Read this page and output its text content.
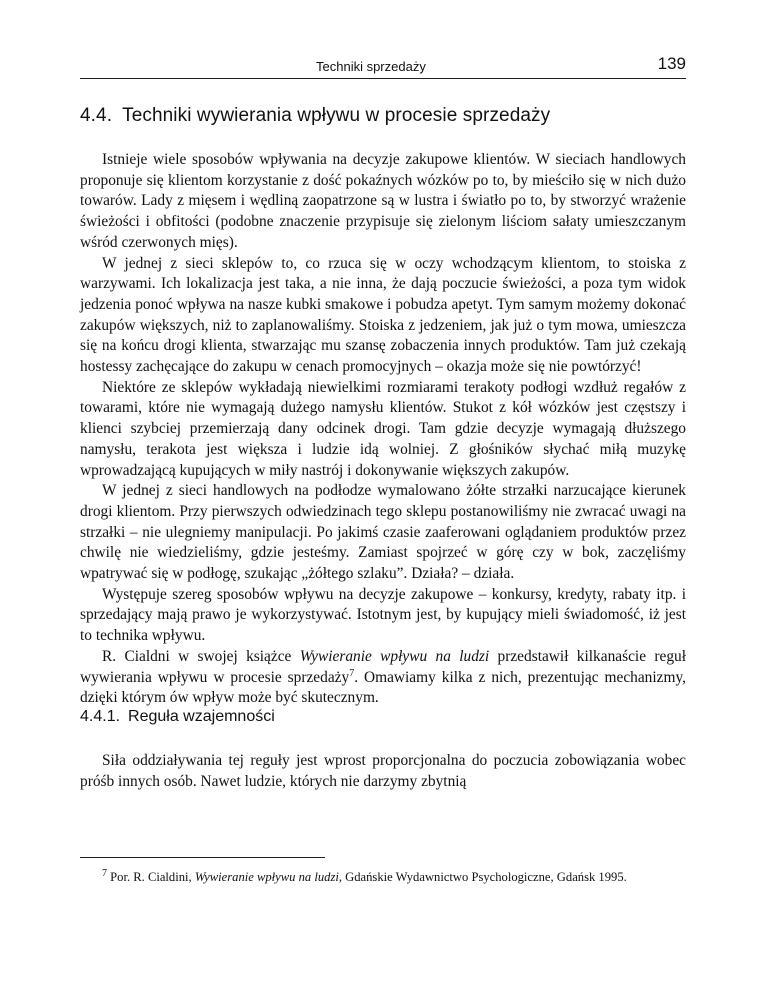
Techniki sprzedaży	139
4.4. Techniki wywierania wpływu w procesie sprzedaży

Istnieje wiele sposobów wpływania na decyzje zakupowe klientów. W sieciach handlowych proponuje się klientom korzystanie z dość pokaźnych wózków po to, by mieściło się w nich dużo towarów. Lady z mięsem i wędliną zaopatrzone są w lustra i światło po to, by stworzyć wrażenie świeżości i obfitości (podobne znaczenie przypisuje się zielonym liściom sałaty umieszczanym wśród czerwonych mięs).

W jednej z sieci sklepów to, co rzuca się w oczy wchodzącym klientom, to stoiska z warzywami. Ich lokalizacja jest taka, a nie inna, że dają poczucie świeżości, a poza tym widok jedzenia ponoć wpływa na nasze kubki smakowe i pobudza apetyt. Tym samym możemy dokonać zakupów większych, niż to zaplanowaliśmy. Stoiska z jedzeniem, jak już o tym mowa, umieszcza się na końcu drogi klienta, stwarzając mu szansę zobaczenia innych produktów. Tam już czekają hostessy zachęcające do zakupu w cenach promocyjnych – okazja może się nie powtórzyć!

Niektóre ze sklepów wykładają niewielkimi rozmiarami terakoty podłogi wzdłuż regałów z towarami, które nie wymagają dużego namysłu klientów. Stukot z kół wózków jest częstszy i klienci szybciej przemierzają dany odcinek drogi. Tam gdzie decyzje wymagają dłuższego namysłu, terakota jest większa i ludzie idą wolniej. Z głośników słychać miłą muzykę wprowadzającą kupujących w miły nastrój i dokonywanie większych zakupów.

W jednej z sieci handlowych na podłodze wymalowano żółte strzałki narzucające kierunek drogi klientom. Przy pierwszych odwiedzinach tego sklepu postanowiliśmy nie zwracać uwagi na strzałki – nie ulegniemy manipulacji. Po jakimś czasie zaaferowani oglądaniem produktów przez chwilę nie wiedzieliśmy, gdzie jesteśmy. Zamiast spojrzeć w górę czy w bok, zaczęliśmy wpatrywać się w podłogę, szukając „żółtego szlaku”. Działa? – działa.

Występuje szereg sposobów wpływu na decyzje zakupowe – konkursy, kredyty, rabaty itp. i sprzedający mają prawo je wykorzystywać. Istotnym jest, by kupujący mieli świadomość, iż jest to technika wpływu.

R. Cialdni w swojej książce Wywieranie wpływu na ludzi przedstawił kilkanaście reguł wywierania wpływu w procesie sprzedaży$^7$. Omawiamy kilka z nich, prezentując mechanizmy, dzięki którym ów wpływ może być skutecznym.

4.4.1. Reguła wzajemności

Siła oddziaływania tej reguły jest wprost proporcjonalna do poczucia zobowiązania wobec próśb innych osób. Nawet ludzie, których nie darzymy zbytnią

$^7$ Por. R. Cialdini, Wywieranie wpływu na ludzi, Gdańskie Wydawnictwo Psychologiczne, Gdańsk 1995.
